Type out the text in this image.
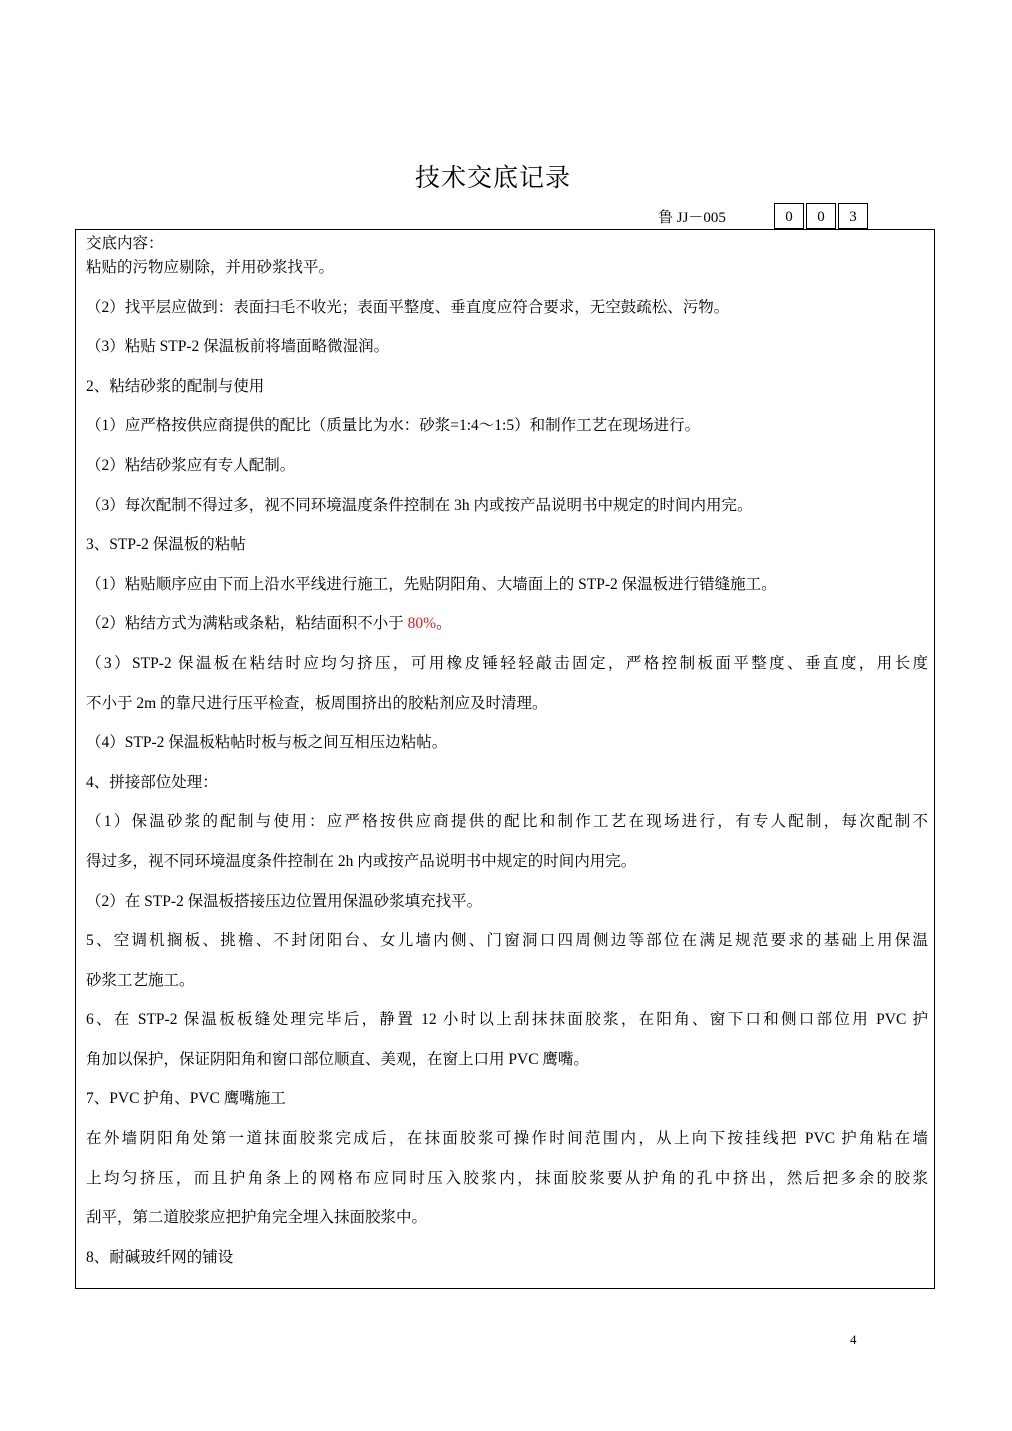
技术交底记录
鲁 JJ－005	0	0	3
交底内容：
粘贴的污物应剔除，并用砂浆找平。
（2）找平层应做到：表面扫毛不收光；表面平整度、垂直度应符合要求，无空鼓疏松、污物。
（3）粘贴 STP-2 保温板前将墙面略微湿润。
2、粘结砂浆的配制与使用
（1）应严格按供应商提供的配比（质量比为水：砂浆=1:4～1:5）和制作工艺在现场进行。
（2）粘结砂浆应有专人配制。
（3）每次配制不得过多，视不同环境温度条件控制在 3h 内或按产品说明书中规定的时间内用完。
3、STP-2 保温板的粘帖
（1）粘贴顺序应由下而上沿水平线进行施工，先贴阴阳角、大墙面上的 STP-2 保温板进行错缝施工。
（2）粘结方式为满粘或条粘，粘结面积不小于 80%。
（3）STP-2 保温板在粘结时应均匀挤压，可用橡皮锤轻轻敲击固定，严格控制板面平整度、垂直度，用长度
不小于 2m 的靠尺进行压平检查，板周围挤出的胶粘剂应及时清理。
（4）STP-2 保温板粘帖时板与板之间互相压边粘帖。
4、拼接部位处理：
（1）保温砂浆的配制与使用：应严格按供应商提供的配比和制作工艺在现场进行，有专人配制，每次配制不
得过多，视不同环境温度条件控制在 2h 内或按产品说明书中规定的时间内用完。
（2）在 STP-2 保温板搭接压边位置用保温砂浆填充找平。
5、空调机搁板、挑檐、不封闭阳台、女儿墙内侧、门窗洞口四周侧边等部位在满足规范要求的基础上用保温
砂浆工艺施工。
6、在 STP-2 保温板板缝处理完毕后，静置 12 小时以上刮抹抹面胶浆，在阳角、窗下口和侧口部位用 PVC 护
角加以保护，保证阴阳角和窗口部位顺直、美观，在窗上口用 PVC 鹰嘴。
7、PVC 护角、PVC 鹰嘴施工
在外墙阴阳角处第一道抹面胶浆完成后，在抹面胶浆可操作时间范围内，从上向下按挂线把 PVC 护角粘在墙
上均匀挤压，而且护角条上的网格布应同时压入胶浆内，抹面胶浆要从护角的孔中挤出，然后把多余的胶浆
刮平，第二道胶浆应把护角完全埋入抹面胶浆中。
8、耐碱玻纤网的铺设
4
